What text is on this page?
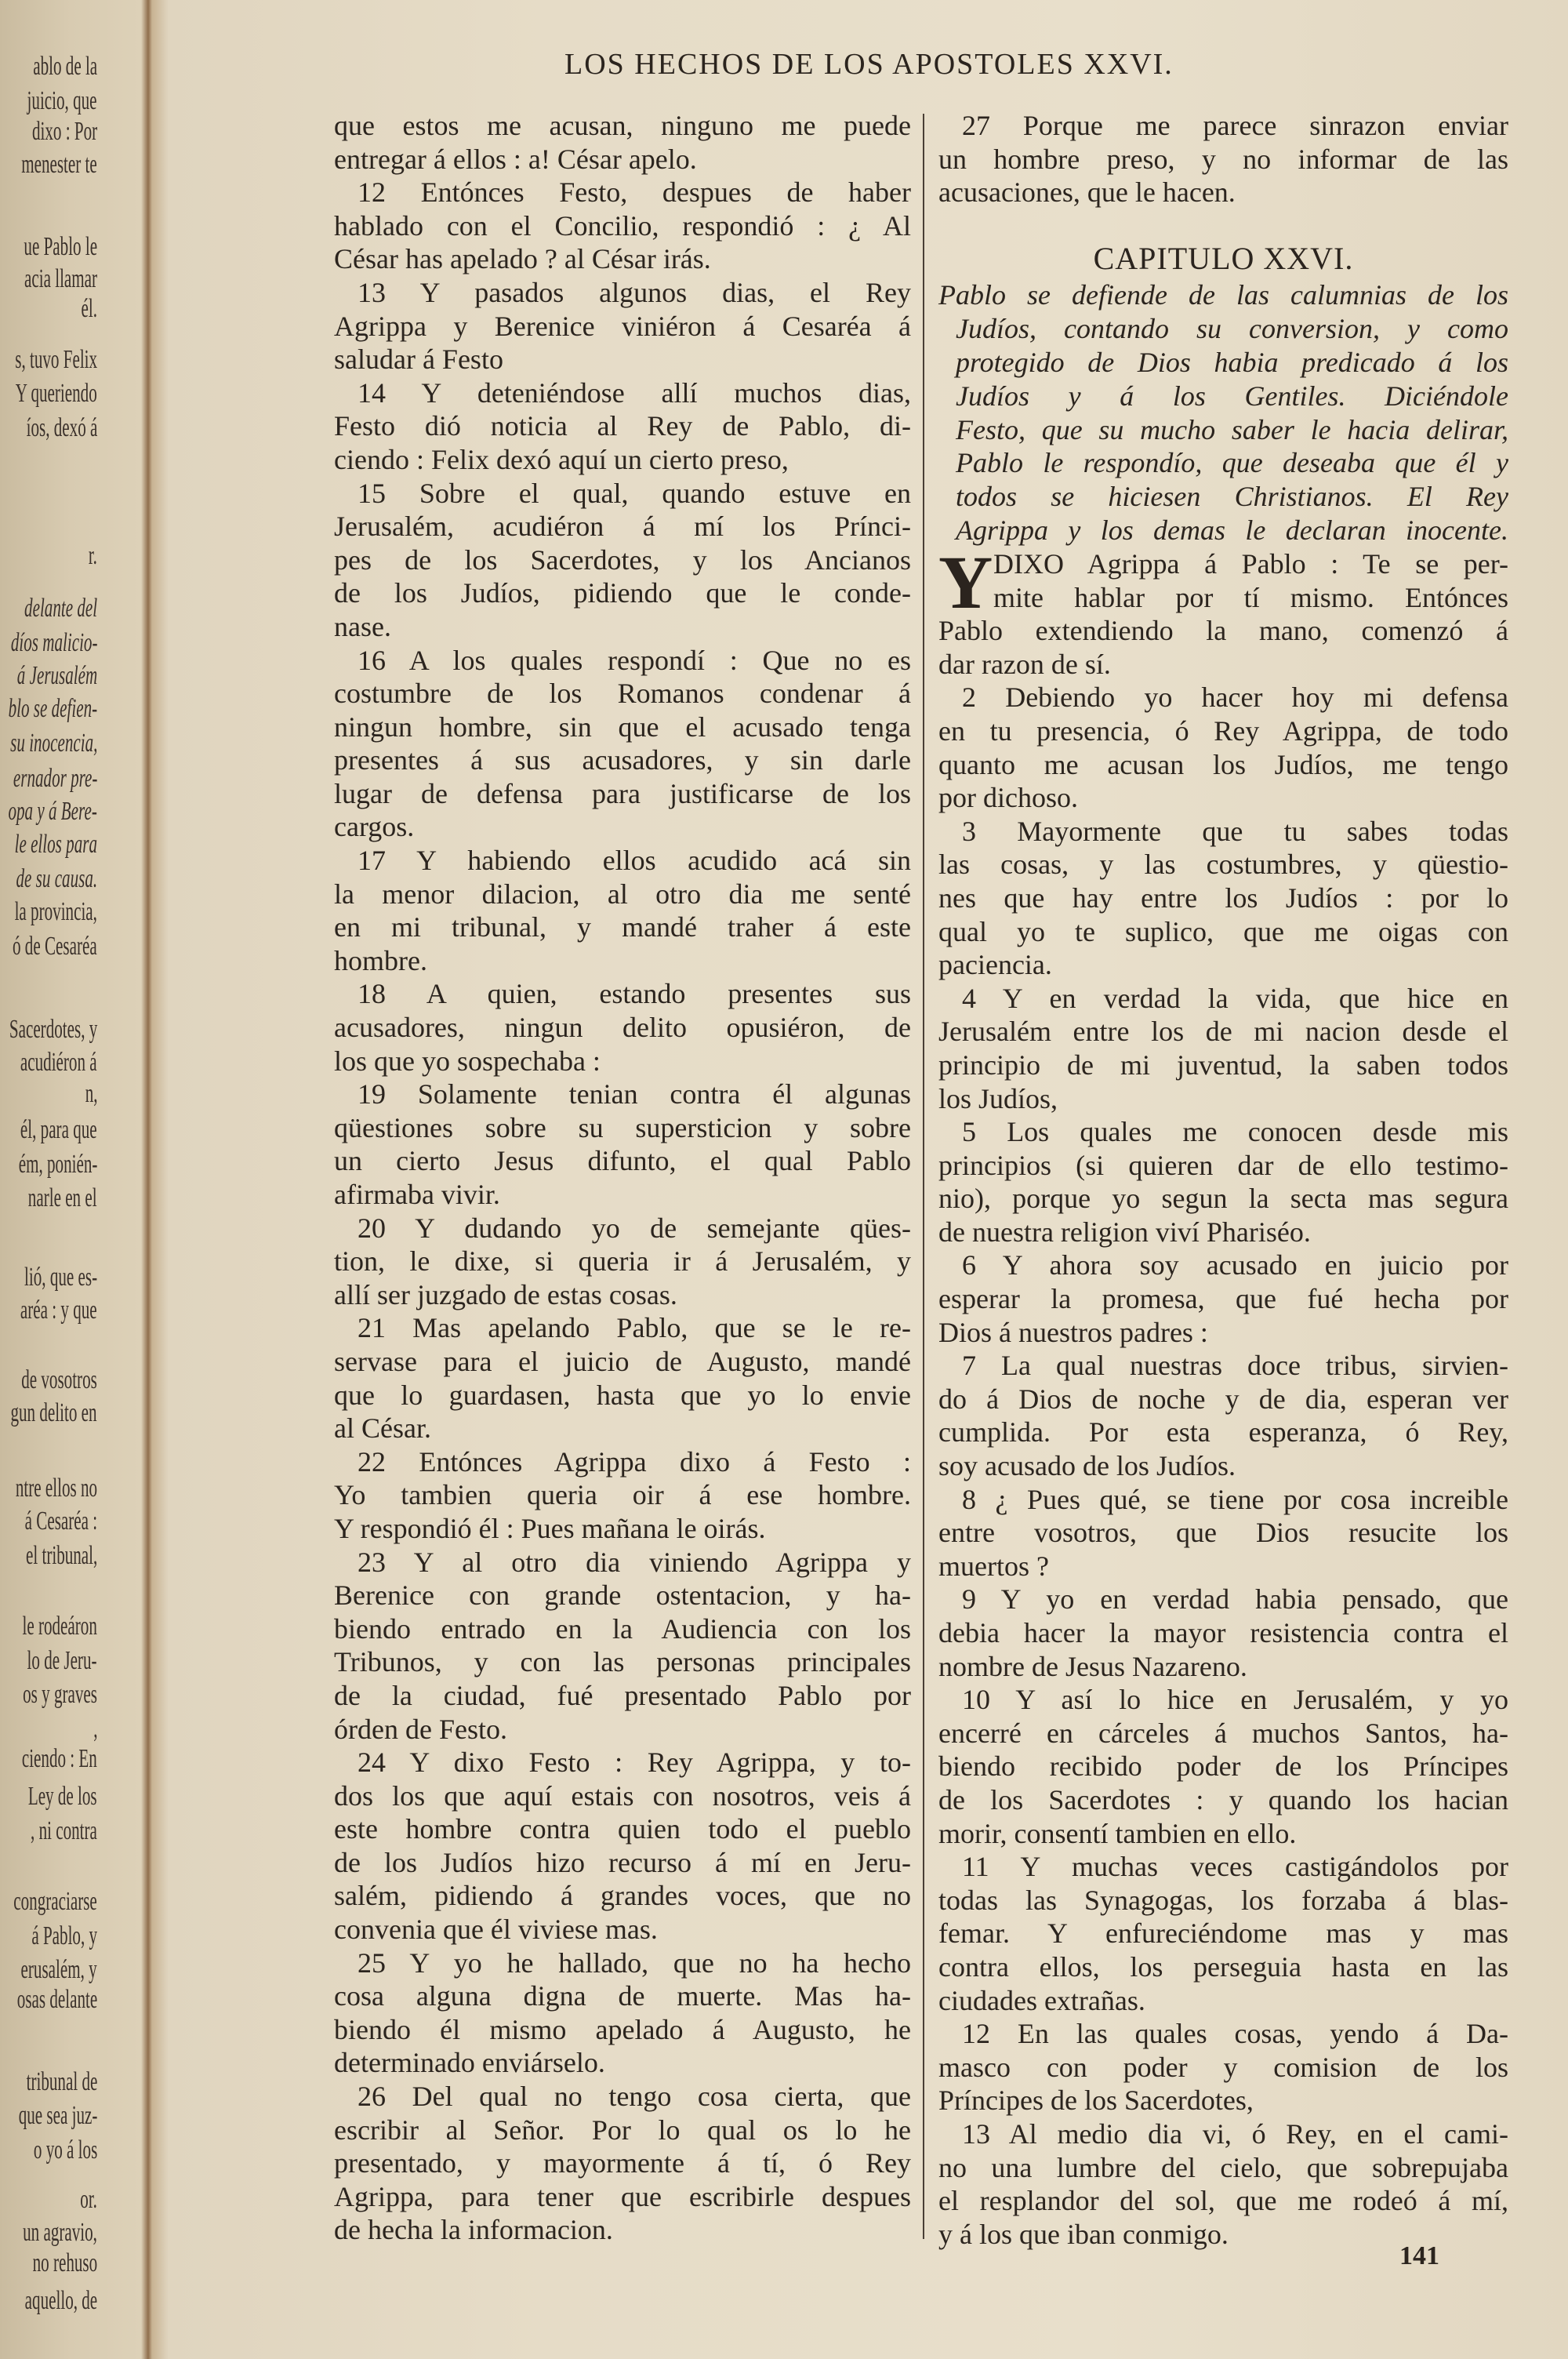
ablo de la
juicio, que
dixo : Por
menester te
ue Pablo le
acia llamar
él.
s, tuvo Felix
Y queriendo
íos, dexó á
r.
delante del
díos malicio-
á Jerusalém
blo se defien-
su inocencia,
ernador pre-
opa y á Bere-
le ellos para
de su causa.
la provincia,
ó de Cesaréa
Sacerdotes, y
acudiéron á
n,
él, para que
ém, ponién-
narle en el
lió, que es-
aréa : y que
de vosotros
gun delito en
ntre ellos no
á Cesaréa :
el tribunal,
le rodeáron
lo de Jeru-
os y graves
,
ciendo : En
Ley de los
, ni contra
congraciarse
á Pablo, y
erusalém, y
osas delante
tribunal de
que sea juz-
o yo á los
or.
un agravio,
no rehuso
aquello, de
LOS HECHOS DE LOS APOSTOLES XXVI.
que estos me acusan, ninguno me puede
entregar á ellos : a! César apelo.
12 Entónces Festo, despues de haber
hablado con el Concilio, respondió : ¿ Al
César has apelado ? al César irás.
13 Y pasados algunos dias, el Rey
Agrippa y Berenice viniéron á Cesaréa á
saludar á Festo
14 Y deteniéndose allí muchos dias,
Festo dió noticia al Rey de Pablo, di-
ciendo : Felix dexó aquí un cierto preso,
15 Sobre el qual, quando estuve en
Jerusalém, acudiéron á mí los Prínci-
pes de los Sacerdotes, y los Ancianos
de los Judíos, pidiendo que le conde-
nase.
16 A los quales respondí : Que no es
costumbre de los Romanos condenar á
ningun hombre, sin que el acusado tenga
presentes á sus acusadores, y sin darle
lugar de defensa para justificarse de los
cargos.
17 Y habiendo ellos acudido acá sin
la menor dilacion, al otro dia me senté
en mi tribunal, y mandé traher á este
hombre.
18 A quien, estando presentes sus
acusadores, ningun delito opusiéron, de
los que yo sospechaba :
19 Solamente tenian contra él algunas
qüestiones sobre su supersticion y sobre
un cierto Jesus difunto, el qual Pablo
afirmaba vivir.
20 Y dudando yo de semejante qües-
tion, le dixe, si queria ir á Jerusalém, y
allí ser juzgado de estas cosas.
21 Mas apelando Pablo, que se le re-
servase para el juicio de Augusto, mandé
que lo guardasen, hasta que yo lo envie
al César.
22 Entónces Agrippa dixo á Festo :
Yo tambien queria oir á ese hombre.
Y respondió él : Pues mañana le oirás.
23 Y al otro dia viniendo Agrippa y
Berenice con grande ostentacion, y ha-
biendo entrado en la Audiencia con los
Tribunos, y con las personas principales
de la ciudad, fué presentado Pablo por
órden de Festo.
24 Y dixo Festo : Rey Agrippa, y to-
dos los que aquí estais con nosotros, veis á
este hombre contra quien todo el pueblo
de los Judíos hizo recurso á mí en Jeru-
salém, pidiendo á grandes voces, que no
convenia que él viviese mas.
25 Y yo he hallado, que no ha hecho
cosa alguna digna de muerte. Mas ha-
biendo él mismo apelado á Augusto, he
determinado enviárselo.
26 Del qual no tengo cosa cierta, que
escribir al Señor. Por lo qual os lo he
presentado, y mayormente á tí, ó Rey
Agrippa, para tener que escribirle despues
de hecha la informacion.
27 Porque me parece sinrazon enviar
un hombre preso, y no informar de las
acusaciones, que le hacen.
CAPITULO XXVI.
Pablo se defiende de las calumnias de los
Judíos, contando su conversion, y como
protegido de Dios habia predicado á los
Judíos y á los Gentiles. Diciéndole
Festo, que su mucho saber le hacia delirar,
Pablo le respondío, que deseaba que él y
todos se hiciesen Christianos. El Rey
Agrippa y los demas le declaran inocente.
Y DIXO Agrippa á Pablo : Te se per-
mite hablar por tí mismo. Entónces
Pablo extendiendo la mano, comenzó á
dar razon de sí.
2 Debiendo yo hacer hoy mi defensa
en tu presencia, ó Rey Agrippa, de todo
quanto me acusan los Judíos, me tengo
por dichoso.
3 Mayormente que tu sabes todas
las cosas, y las costumbres, y qüestio-
nes que hay entre los Judíos : por lo
qual yo te suplico, que me oigas con
paciencia.
4 Y en verdad la vida, que hice en
Jerusalém entre los de mi nacion desde el
principio de mi juventud, la saben todos
los Judíos,
5 Los quales me conocen desde mis
principios (si quieren dar de ello testimo-
nio), porque yo segun la secta mas segura
de nuestra religion viví Phariséo.
6 Y ahora soy acusado en juicio por
esperar la promesa, que fué hecha por
Dios á nuestros padres :
7 La qual nuestras doce tribus, sirvien-
do á Dios de noche y de dia, esperan ver
cumplida. Por esta esperanza, ó Rey,
soy acusado de los Judíos.
8 ¿ Pues qué, se tiene por cosa increible
entre vosotros, que Dios resucite los
muertos ?
9 Y yo en verdad habia pensado, que
debia hacer la mayor resistencia contra el
nombre de Jesus Nazareno.
10 Y así lo hice en Jerusalém, y yo
encerré en cárceles á muchos Santos, ha-
biendo recibido poder de los Príncipes
de los Sacerdotes : y quando los hacian
morir, consentí tambien en ello.
11 Y muchas veces castigándolos por
todas las Synagogas, los forzaba á blas-
femar. Y enfureciéndome mas y mas
contra ellos, los perseguia hasta en las
ciudades extrañas.
12 En las quales cosas, yendo á Da-
masco con poder y comision de los
Príncipes de los Sacerdotes,
13 Al medio dia vi, ó Rey, en el cami-
no una lumbre del cielo, que sobrepujaba
el resplandor del sol, que me rodeó á mí,
y á los que iban conmigo.
141
